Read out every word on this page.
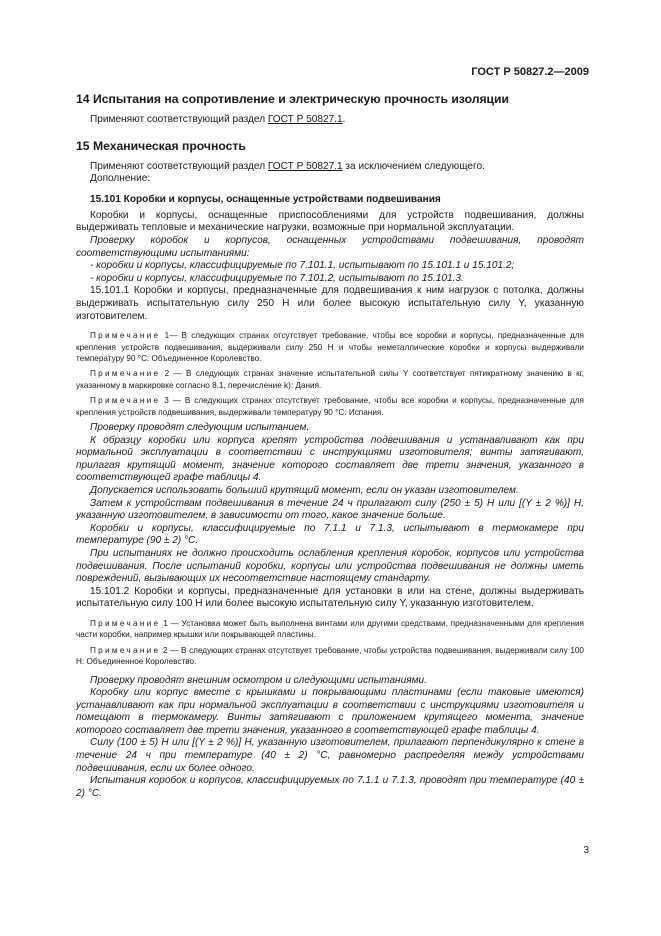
ГОСТ Р 50827.2—2009
14 Испытания на сопротивление и электрическую прочность изоляции

Применяют соответствующий раздел ГОСТ Р 50827.1.

15 Механическая прочность

Применяют соответствующий раздел ГОСТ Р 50827.1 за исключением следующего.

Дополнение:

15.101 Коробки и корпусы, оснащенные устройствами подвешивания

Коробки и корпусы, оснащенные приспособлениями для устройств подвешивания, должны выдерживать тепловые и механические нагрузки, возможные при нормальной эксплуатации.

Проверку коробок и корпусов, оснащенных устройствами подвешивания, проводят соответствующими испытаниями:

- коробки и корпусы, классифицируемые по 7.101.1, испытывают по 15.101.1 и 15.101.2;

- коробки и корпусы, классифицируемые по 7.101.2, испытывают по 15.101.3.

15.101.1 Коробки и корпусы, предназначенные для подвешивания к ним нагрузок с потолка, должны выдерживать испытательную силу 250 Н или более высокую испытательную силу Y, указанную изготовителем.

Примечание 1— В следующих странах отсутствует требование, чтобы все коробки и корпусы, предназначенные для крепления устройств подвешивания, выдерживали силу 250 Н и чтобы неметаллические коробки и корпусы выдерживали температуру 90 °С: Объединенное Королевство.

Примечание 2 — В следующих странах значение испытательной силы Y соответствует пятикратному значению в кг, указанному в маркировке согласно 8.1, перечисление k): Дания.

Примечание 3 — В следующих странах отсутствует требование, чтобы все коробки и корпусы, предназначенные для крепления устройств подвешивания, выдерживали температуру 90 °С: Испания.

Проверку проводят следующим испытанием.

К образцу коробки или корпуса крепят устройства подвешивания и устанавливают как при нормальной эксплуатации в соответствии с инструкциями изготовителя; винты затягивают, прилагая крутящий момент, значение которого составляет две трети значения, указанного в соответствующей графе таблицы 4.

Допускается использовать больший крутящий момент, если он указан изготовителем.

Затем к устройствам подвешивания в течение 24 ч прилагают силу (250 ± 5) Н или [(Y ± 2 %)] Н, указанную изготовителем, в зависимости от того, какое значение больше.

Коробки и корпусы, классифицируемые по 7.1.1 и 7.1.3, испытывают в термокамере при температуре (90 ± 2) °С.

При испытаниях не должно происходить ослабления крепления коробок, корпусов или устройства подвешивания. После испытаний коробки, корпусы или устройства подвешивания не должны иметь повреждений, вызывающих их несоответствие настоящему стандарту.

15.101.2 Коробки и корпусы, предназначенные для установки в или на стене, должны выдерживать испытательную силу 100 Н или более высокую испытательную силу Y, указанную изготовителем.

Примечание 1 — Установка может быть выполнена винтами или другими средствами, предназначенными для крепления части коробки, например крышки или покрывающей пластины.

Примечание 2 — В следующих странах отсутствует требование, чтобы устройства подвешивания, выдерживали силу 100 Н: Объединенное Королевство.

Проверку проводят внешним осмотром и следующими испытаниями.

Коробку или корпус вместе с крышками и покрывающими пластинами (если таковые имеются) устанавливают как при нормальной эксплуатации в соответствии с инструкциями изготовителя и помещают в термокамеру. Винты затягивают с приложением крутящего момента, значение которого составляет две трети значения, указанного в соответствующей графе таблицы 4.

Силу (100 ± 5) Н или [(Y ± 2 %)] Н, указанную изготовителем, прилагают перпендикулярно к стене в течение 24 ч при температуре (40 ± 2) °С, равномерно распределяя между устройствами подвешивания, если их более одного.

Испытания коробок и корпусов, классифицируемых по 7.1.1 и 7.1.3, проводят при температуре (40 ± 2) °С.

3
